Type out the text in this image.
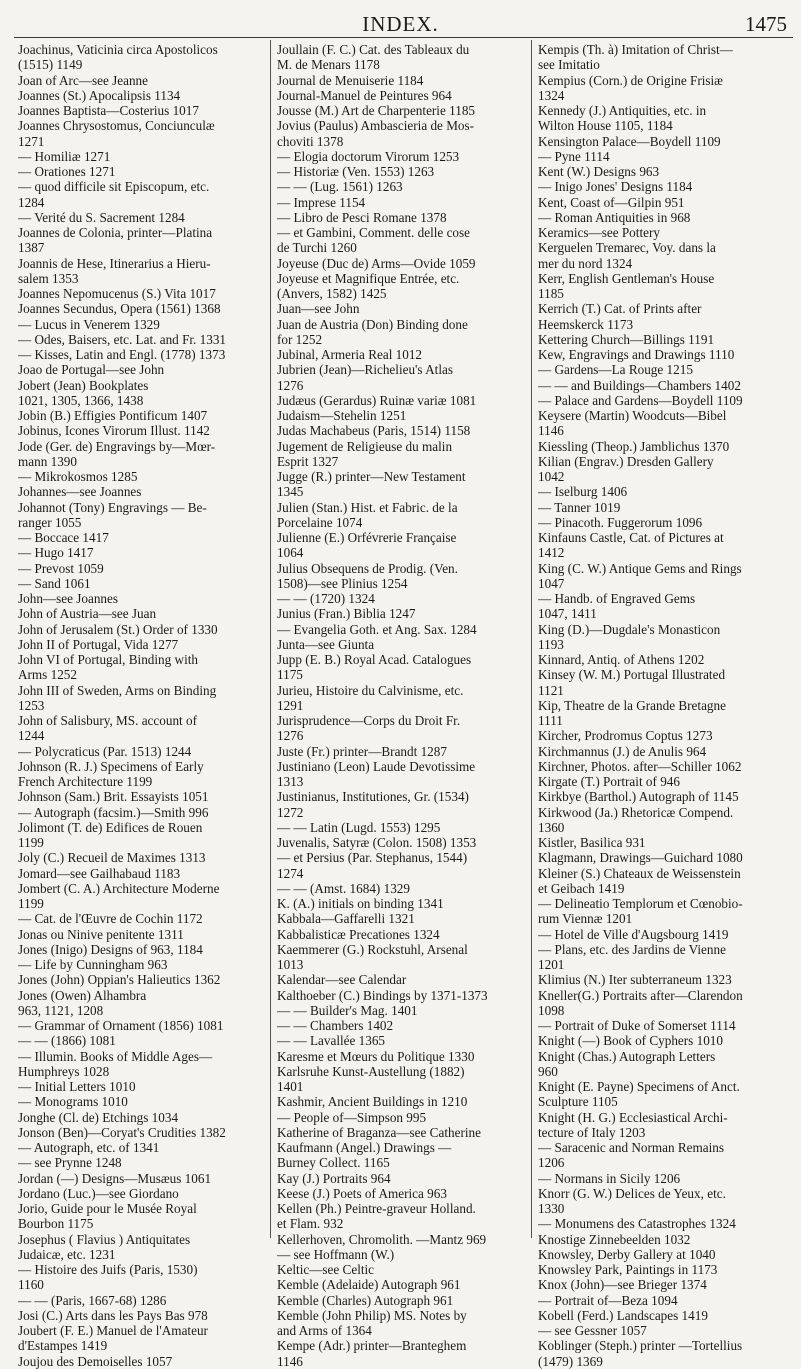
INDEX.	1475
Joachinus, Vaticinia circa Apostolicos
(1515) 1149
Joan of Arc—see Jeanne
Joannes (St.) Apocalipsis 1134
Joannes Baptista—Costerius 1017
Joannes Chrysostomus, Conciunculæ
1271
— Homiliæ 1271
— Orationes 1271
— quod difficile sit Episcopum, etc.
1284
— Verité du S. Sacrement 1284
Joannes de Colonia, printer—Platina
1387
Joannis de Hese, Itinerarius a Hieru-
salem 1353
Joannes Nepomucenus (S.) Vita 1017
Joannes Secundus, Opera (1561) 1368
— Lucus in Venerem 1329
— Odes, Baisers, etc. Lat. and Fr. 1331
— Kisses, Latin and Engl. (1778) 1373
Joao de Portugal—see John
Jobert (Jean) Bookplates
1021, 1305, 1366, 1438
Jobin (B.) Effigies Pontificum 1407
Jobinus, Icones Virorum Illust. 1142
Jode (Ger. de) Engravings by—Mœr-
mann 1390
— Mikrokosmos 1285
Johannes—see Joannes
Johannot (Tony) Engravings — Be-
ranger 1055
— Boccace 1417
— Hugo 1417
— Prevost 1059
— Sand 1061
John—see Joannes
John of Austria—see Juan
John of Jerusalem (St.) Order of 1330
John II of Portugal, Vida 1277
John VI of Portugal, Binding with
Arms 1252
John III of Sweden, Arms on Binding
1253
John of Salisbury, MS. account of
1244
— Polycraticus (Par. 1513) 1244
Johnson (R. J.) Specimens of Early
French Architecture 1199
Johnson (Sam.) Brit. Essayists 1051
— Autograph (facsim.)—Smith 996
Jolimont (T. de) Edifices de Rouen
1199
Joly (C.) Recueil de Maximes 1313
Jomard—see Gailhabaud 1183
Jombert (C. A.) Architecture Moderne
1199
— Cat. de l'Œuvre de Cochin 1172
Jonas ou Ninive penitente 1311
Jones (Inigo) Designs of 963, 1184
— Life by Cunningham 963
Jones (John) Oppian's Halieutics 1362
Jones (Owen) Alhambra
963, 1121, 1208
— Grammar of Ornament (1856) 1081
— — (1866) 1081
— Illumin. Books of Middle Ages—
Humphreys 1028
— Initial Letters 1010
— Monograms 1010
Jonghe (Cl. de) Etchings 1034
Jonson (Ben)—Coryat's Crudities 1382
— Autograph, etc. of 1341
— see Prynne 1248
Jordan (—) Designs—Musæus 1061
Jordano (Luc.)—see Giordano
Jorio, Guide pour le Musée Royal
Bourbon 1175
Josephus ( Flavius ) Antiquitates
Judaicæ, etc. 1231
— Histoire des Juifs (Paris, 1530)
1160
— — (Paris, 1667-68) 1286
Josi (C.) Arts dans les Pays Bas 978
Joubert (F. E.) Manuel de l'Amateur
d'Estampes 1419
Joujou des Demoiselles 1057
Joullain (F. C.) Cat. des Tableaux du
M. de Menars 1178
Journal de Menuiserie 1184
Journal-Manuel de Peintures 964
Jousse (M.) Art de Charpenterie 1185
Jovius (Paulus) Ambascieria de Mos-
choviti 1378
— Elogia doctorum Virorum 1253
— Historiæ (Ven. 1553) 1263
— — (Lug. 1561) 1263
— Imprese 1154
— Libro de Pesci Romane 1378
— et Gambini, Comment. delle cose
de Turchi 1260
Joyeuse (Duc de) Arms—Ovide 1059
Joyeuse et Magnifique Entrée, etc.
(Anvers, 1582) 1425
Juan—see John
Juan de Austria (Don) Binding done
for 1252
Jubinal, Armeria Real 1012
Jubrien (Jean)—Richelieu's Atlas
1276
Judæus (Gerardus) Ruinæ variæ 1081
Judaism—Stehelin 1251
Judas Machabeus (Paris, 1514) 1158
Jugement de Religieuse du malin
Esprit 1327
Jugge (R.) printer—New Testament
1345
Julien (Stan.) Hist. et Fabric. de la
Porcelaine 1074
Julienne (E.) Orfévrerie Française
1064
Julius Obsequens de Prodig. (Ven.
1508)—see Plinius 1254
— — (1720) 1324
Junius (Fran.) Biblia 1247
— Evangelia Goth. et Ang. Sax. 1284
Junta—see Giunta
Jupp (E. B.) Royal Acad. Catalogues
1175
Jurieu, Histoire du Calvinisme, etc.
1291
Jurisprudence—Corps du Droit Fr.
1276
Juste (Fr.) printer—Brandt 1287
Justiniano (Leon) Laude Devotissime
1313
Justinianus, Institutiones, Gr. (1534)
1272
— — Latin (Lugd. 1553) 1295
Juvenalis, Satyræ (Colon. 1508) 1353
— et Persius (Par. Stephanus, 1544)
1274
— — (Amst. 1684) 1329
K. (A.) initials on binding 1341
Kabbala—Gaffarelli 1321
Kabbalisticæ Precationes 1324
Kaemmerer (G.) Rockstuhl, Arsenal
1013
Kalendar—see Calendar
Kalthoeber (C.) Bindings by 1371-1373
— — Builder's Mag. 1401
— — Chambers 1402
— — Lavallée 1365
Karesme et Mœurs du Politique 1330
Karlsruhe Kunst-Austellung (1882)
1401
Kashmir, Ancient Buildings in 1210
— People of—Simpson 995
Katherine of Braganza—see Catherine
Kaufmann (Angel.) Drawings —
Burney Collect. 1165
Kay (J.) Portraits 964
Keese (J.) Poets of America 963
Kellen (Ph.) Peintre-graveur Holland.
et Flam. 932
Kellerhoven, Chromolith. —Mantz 969
— see Hoffmann (W.)
Keltic—see Celtic
Kemble (Adelaide) Autograph 961
Kemble (Charles) Autograph 961
Kemble (John Philip) MS. Notes by
and Arms of 1364
Kempe (Adr.) printer—Branteghem
1146
Kempis (Th. à) Imitation of Christ—
see Imitatio
Kempius (Corn.) de Origine Frisiæ
1324
Kennedy (J.) Antiquities, etc. in
Wilton House 1105, 1184
Kensington Palace—Boydell 1109
— Pyne 1114
Kent (W.) Designs 963
— Inigo Jones' Designs 1184
Kent, Coast of—Gilpin 951
— Roman Antiquities in 968
Keramics—see Pottery
Kerguelen Tremarec, Voy. dans la
mer du nord 1324
Kerr, English Gentleman's House
1185
Kerrich (T.) Cat. of Prints after
Heemskerck 1173
Kettering Church—Billings 1191
Kew, Engravings and Drawings 1110
— Gardens—La Rouge 1215
— — and Buildings—Chambers 1402
— Palace and Gardens—Boydell 1109
Keysere (Martin) Woodcuts—Bibel
1146
Kiessling (Theop.) Jamblichus 1370
Kilian (Engrav.) Dresden Gallery
1042
— Iselburg 1406
— Tanner 1019
— Pinacoth. Fuggerorum 1096
Kinfauns Castle, Cat. of Pictures at
1412
King (C. W.) Antique Gems and Rings
1047
— Handb. of Engraved Gems
1047, 1411
King (D.)—Dugdale's Monasticon
1193
Kinnard, Antiq. of Athens 1202
Kinsey (W. M.) Portugal Illustrated
1121
Kip, Theatre de la Grande Bretagne
1111
Kircher, Prodromus Coptus 1273
Kirchmannus (J.) de Anulis 964
Kirchner, Photos. after—Schiller 1062
Kirgate (T.) Portrait of 946
Kirkbye (Barthol.) Autograph of 1145
Kirkwood (Ja.) Rhetoricæ Compend.
1360
Kistler, Basilica 931
Klagmann, Drawings—Guichard 1080
Kleiner (S.) Chateaux de Weissenstein
et Geibach 1419
— Delineatio Templorum et Cœnobio-
rum Viennæ 1201
— Hotel de Ville d'Augsbourg 1419
— Plans, etc. des Jardins de Vienne
1201
Klimius (N.) Iter subterraneum 1323
Kneller(G.) Portraits after—Clarendon
1098
— Portrait of Duke of Somerset 1114
Knight (—) Book of Cyphers 1010
Knight (Chas.) Autograph Letters
960
Knight (E. Payne) Specimens of Anct.
Sculpture 1105
Knight (H. G.) Ecclesiastical Archi-
tecture of Italy 1203
— Saracenic and Norman Remains
1206
— Normans in Sicily 1206
Knorr (G. W.) Delices de Yeux, etc.
1330
— Monumens des Catastrophes 1324
Knostige Zinnebeelden 1032
Knowsley, Derby Gallery at 1040
Knowsley Park, Paintings in 1173
Knox (John)—see Brieger 1374
— Portrait of—Beza 1094
Kobell (Ferd.) Landscapes 1419
— see Gessner 1057
Koblinger (Steph.) printer —Tortellius
(1479) 1369
